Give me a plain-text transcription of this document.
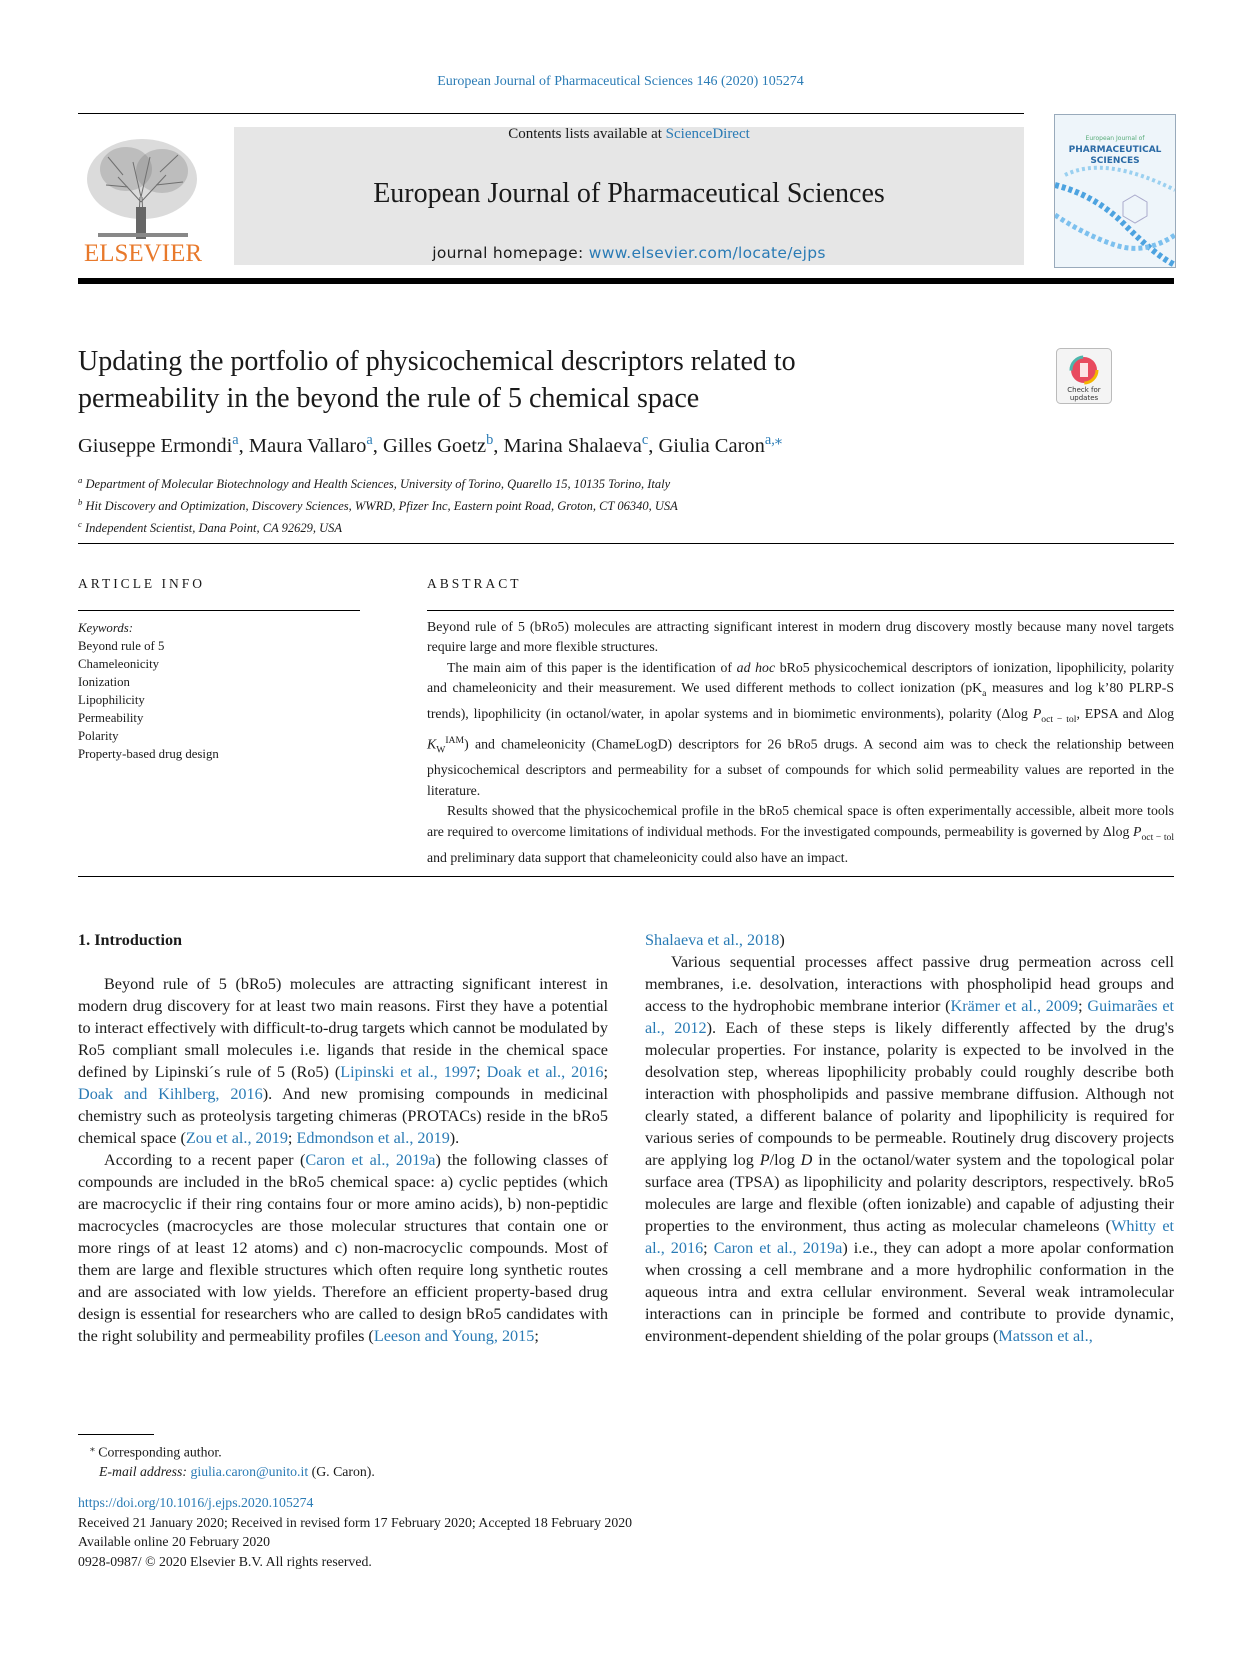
European Journal of Pharmaceutical Sciences 146 (2020) 105274
ELSEVIER
Contents lists available at ScienceDirect
European Journal of Pharmaceutical Sciences
journal homepage: www.elsevier.com/locate/ejps
European Journal of
PHARMACEUTICAL
SCIENCES
Updating the portfolio of physicochemical descriptors related to
permeability in the beyond the rule of 5 chemical space	Check for
updates
Giuseppe Ermondi$^a$, Maura Vallaro$^a$, Gilles Goetz$^b$, Marina Shalaeva$^c$, Giulia Caron$^{a,⁎}$
$^a$ Department of Molecular Biotechnology and Health Sciences, University of Torino, Quarello 15, 10135 Torino, Italy
$^b$ Hit Discovery and Optimization, Discovery Sciences, WWRD, Pfizer Inc, Eastern point Road, Groton, CT 06340, USA
$^c$ Independent Scientist, Dana Point, CA 92629, USA
ARTICLE INFO	ABSTRACT
Keywords:
Beyond rule of 5
Chameleonicity
Ionization
Lipophilicity
Permeability
Polarity
Property-based drug design

Beyond rule of 5 (bRo5) molecules are attracting significant interest in modern drug discovery mostly because many novel targets require large and more flexible structures.

The main aim of this paper is the identification of ad hoc bRo5 physicochemical descriptors of ionization, lipophilicity, polarity and chameleonicity and their measurement. We used different methods to collect ionization ($pK_a$ measures and log k’80 PLRP-S trends), lipophilicity (in octanol/water, in apolar systems and in biomimetic environments), polarity (Δlog $P_{oct - tol}$, EPSA and Δlog $K_W^{IAM}$) and chameleonicity (ChameLogD) descriptors for 26 bRo5 drugs. A second aim was to check the relationship between physicochemical descriptors and permeability for a subset of compounds for which solid permeability values are reported in the literature.

Results showed that the physicochemical profile in the bRo5 chemical space is often experimentally accessible, albeit more tools are required to overcome limitations of individual methods. For the investigated compounds, permeability is governed by Δlog $P_{oct - tol}$ and preliminary data support that chameleonicity could also have an impact.

1. Introduction

Beyond rule of 5 (bRo5) molecules are attracting significant interest in modern drug discovery for at least two main reasons. First they have a potential to interact effectively with difficult-to-drug targets which cannot be modulated by Ro5 compliant small molecules i.e. ligands that reside in the chemical space defined by Lipinski´s rule of 5 (Ro5) (Lipinski et al., 1997; Doak et al., 2016; Doak and Kihlberg, 2016). And new promising compounds in medicinal chemistry such as proteolysis targeting chimeras (PROTACs) reside in the bRo5 chemical space (Zou et al., 2019; Edmondson et al., 2019).

According to a recent paper (Caron et al., 2019a) the following classes of compounds are included in the bRo5 chemical space: a) cyclic peptides (which are macrocyclic if their ring contains four or more amino acids), b) non-peptidic macrocycles (macrocycles are those molecular structures that contain one or more rings of at least 12 atoms) and c) non-macrocyclic compounds. Most of them are large and flexible structures which often require long synthetic routes and are associated with low yields. Therefore an efficient property-based drug design is essential for researchers who are called to design bRo5 candidates with the right solubility and permeability profiles (Leeson and Young, 2015;

Shalaeva et al., 2018)

Various sequential processes affect passive drug permeation across cell membranes, i.e. desolvation, interactions with phospholipid head groups and access to the hydrophobic membrane interior (Krämer et al., 2009; Guimarães et al., 2012). Each of these steps is likely differently affected by the drug's molecular properties. For instance, polarity is expected to be involved in the desolvation step, whereas lipophilicity probably could roughly describe both interaction with phospholipids and passive membrane diffusion. Although not clearly stated, a different balance of polarity and lipophilicity is required for various series of compounds to be permeable. Routinely drug discovery projects are applying log P/log D in the octanol/water system and the topological polar surface area (TPSA) as lipophilicity and polarity descriptors, respectively. bRo5 molecules are large and flexible (often ionizable) and capable of adjusting their properties to the environment, thus acting as molecular chameleons (Whitty et al., 2016; Caron et al., 2019a) i.e., they can adopt a more apolar conformation when crossing a cell membrane and a more hydrophilic conformation in the aqueous intra and extra cellular environment. Several weak intramolecular interactions can in principle be formed and contribute to provide dynamic, environment-dependent shielding of the polar groups (Matsson et al.,

⁎ Corresponding author.
E-mail address: giulia.caron@unito.it (G. Caron).
https://doi.org/10.1016/j.ejps.2020.105274
Received 21 January 2020; Received in revised form 17 February 2020; Accepted 18 February 2020
Available online 20 February 2020
0928-0987/ © 2020 Elsevier B.V. All rights reserved.
